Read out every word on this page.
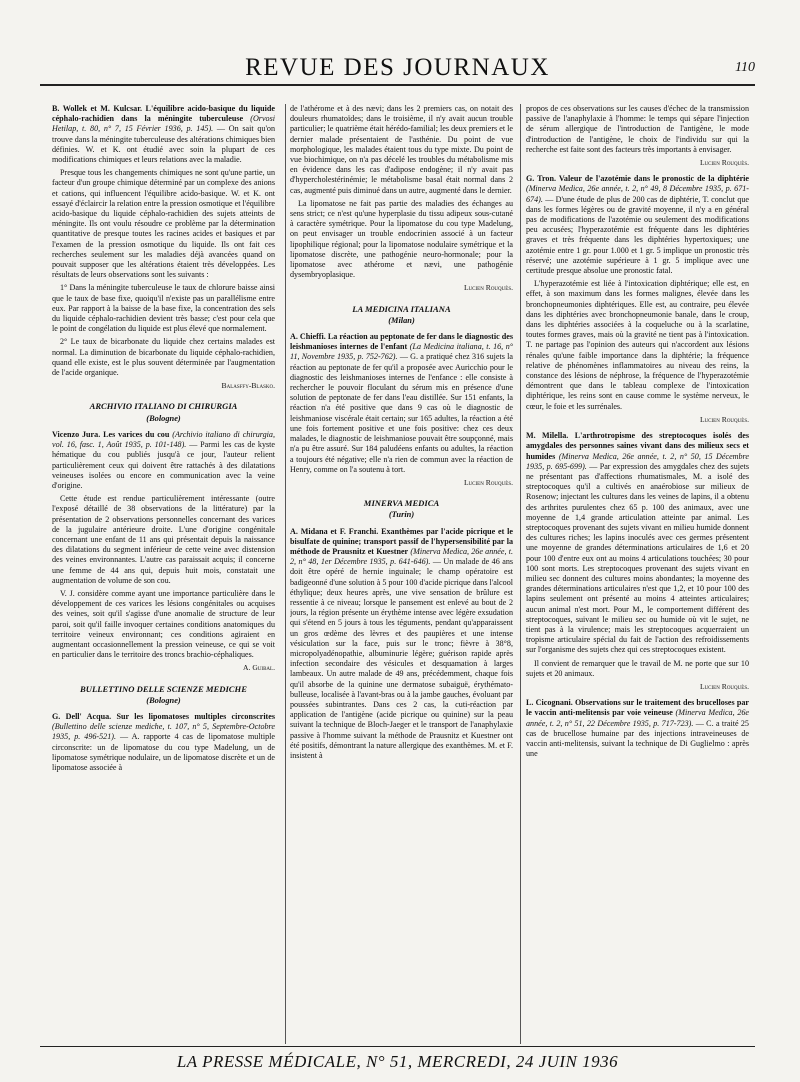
REVUE DES JOURNAUX	110

B. Wollek et M. Kulcsar. L'équilibre acido-basique du liquide céphalo-rachidien dans la méningite tuberculeuse (Orvosi Hetilap, t. 80, n° 7, 15 Février 1936, p. 145). — On sait qu'on trouve dans la méningite tuberculeuse des altérations chimiques bien définies. W. et K. ont étudié avec soin la plupart de ces modifications chimiques et leurs relations avec la maladie.

Presque tous les changements chimiques ne sont qu'une partie, un facteur d'un groupe chimique déterminé par un complexe des anions et cations, qui influencent l'équilibre acido-basique. W. et K. ont essayé d'éclaircir la relation entre la pression osmotique et l'équilibre acido-basique du liquide céphalo-rachidien des sujets atteints de méningite. Ils ont voulu résoudre ce problème par la détermination quantitative de presque toutes les racines acides et basiques et par l'examen de la pression osmotique du liquide. Ils ont fait ces recherches seulement sur les maladies déjà avancées quand on pouvait supposer que les altérations étaient très développées. Les résultats de leurs observations sont les suivants :

1° Dans la méningite tuberculeuse le taux de chlorure baisse ainsi que le taux de base fixe, quoiqu'il n'existe pas un parallélisme entre eux. Par rapport à la baisse de la base fixe, la concentration des sels du liquide céphalo-rachidien devient très basse; c'est pour cela que le point de congélation du liquide est plus élevé que normalement.

2° Le taux de bicarbonate du liquide chez certains malades est normal. La diminution de bicarbonate du liquide céphalo-rachidien, quand elle existe, est le plus souvent déterminée par l'augmentation de l'acide organique.

Balasffy-Blasko.
ARCHIVIO ITALIANO DI CHIRURGIA
(Bologne)

Vicenzo Jura. Les varices du cou (Archivio italiano di chirurgia, vol. 16, fasc. 1, Août 1935, p. 101-148). — Parmi les cas de kyste hématique du cou publiés jusqu'à ce jour, l'auteur relient particulièrement ceux qui doivent être rattachés à des dilatations veineuses isolées ou encore en communication avec la veine d'origine.

Cette étude est rendue particulièrement intéressante (outre l'exposé détaillé de 38 observations de la littérature) par la présentation de 2 observations personnelles concernant des varices de la jugulaire antérieure droite. L'une d'origine congénitale concernant une enfant de 11 ans qui présentait depuis la naissance des dilatations du segment inférieur de cette veine avec distension des veines environnantes. L'autre cas paraissait acquis; il concerne une femme de 44 ans qui, depuis huit mois, constatait une augmentation de volume de son cou.

V. J. considère comme ayant une importance particulière dans le développement de ces varices les lésions congénitales ou acquises des veines, soit qu'il s'agisse d'une anomalie de structure de leur paroi, soit qu'il faille invoquer certaines conditions anatomiques du territoire veineux environnant; ces conditions agiraient en augmentant occasionnellement la pression veineuse, ce qui se voit en particulier dans le territoire des troncs brachio-céphaliques.

A. Guibal.
BULLETTINO DELLE SCIENZE MEDICHE
(Bologne)

G. Dell' Acqua. Sur les lipomatoses multiples circonscrites (Bullettino delle scienze mediche, t. 107, n° 5, Septembre-Octobre 1935, p. 496-521). — A. rapporte 4 cas de lipomatose multiple circonscrite: un de lipomatose du cou type Madelung, un de lipomatose symétrique nodulaire, un de lipomatose discrète et un de lipomatose associée à

de l'athérome et à des nævi; dans les 2 premiers cas, on notait des douleurs rhumatoïdes; dans le troisième, il n'y avait aucun trouble particulier; le quatrième était hérédo-familial; les deux premiers et le dernier malade présentaient de l'asthénie. Du point de vue morphologique, les malades étaient tous du type mixte. Du point de vue biochimique, on n'a pas décelé les troubles du métabolisme mis en évidence dans les cas d'adipose endogène; il n'y avait pas d'hypercholestérinémie; le métabolisme basal était normal dans 2 cas, augmenté puis diminué dans un autre, augmenté dans le dernier.

La lipomatose ne fait pas partie des maladies des échanges au sens strict; ce n'est qu'une hyperplasie du tissu adipeux sous-cutané à caractère symétrique. Pour la lipomatose du cou type Madelung, on peut envisager un trouble endocrinien associé à un facteur lipophilique régional; pour la lipomatose nodulaire symétrique et la lipomatose discrète, une pathogénie neuro-hormonale; pour la lipomatose avec athérome et nævi, une pathogénie dysembryoplasique.

Lucien Rouquès.
LA MEDICINA ITALIANA
(Milan)

A. Chieffi. La réaction au peptonate de fer dans le diagnostic des leishmanioses internes de l'enfant (La Medicina italiana, t. 16, n° 11, Novembre 1935, p. 752-762). — G. a pratiqué chez 316 sujets la réaction au peptonate de fer qu'il a proposée avec Auricchio pour le diagnostic des leishmanioses internes de l'enfance : elle consiste à rechercher le pouvoir floculant du sérum mis en présence d'une solution de peptonate de fer dans l'eau distillée. Sur 151 enfants, la réaction n'a été positive que dans 9 cas où le diagnostic de leishmaniose viscérale était certain; sur 165 adultes, la réaction a été une fois fortement positive et une fois positive: chez ces deux malades, le diagnostic de leishmaniose pouvait être soupçonné, mais n'a pu être assuré. Sur 184 paludéens enfants ou adultes, la réaction a toujours été négative; elle n'a rien de commun avec la réaction de Henry, comme on l'a soutenu à tort.

Lucien Rouquès.
MINERVA MEDICA
(Turin)

A. Midana et F. Franchi. Exanthèmes par l'acide picrique et le bisulfate de quinine; transport passif de l'hypersensibilité par la méthode de Prausnitz et Kuestner (Minerva Medica, 26e année, t. 2, n° 48, 1er Décembre 1935, p. 641-646). — Un malade de 46 ans doit être opéré de hernie inguinale; le champ opératoire est badigeonné d'une solution à 5 pour 100 d'acide picrique dans l'alcool éthylique; deux heures après, une vive sensation de brûlure est ressentie à ce niveau; lorsque le pansement est enlevé au bout de 2 jours, la région présente un érythème intense avec légère exsudation qui s'étend en 5 jours à tous les téguments, pendant qu'apparaissent un gros œdème des lèvres et des paupières et une intense vésiculation sur la face, puis sur le tronc; fièvre à 38°8, micropolyadénopathie, albuminurie légère; guérison rapide après infection secondaire des vésicules et desquamation à larges lambeaux. Un autre malade de 49 ans, précédemment, chaque fois qu'il absorbe de la quinine une dermatose subaiguë, érythémato-bulleuse, localisée à l'avant-bras ou à la jambe gauches, évoluant par poussées subintrantes. Dans ces 2 cas, la cuti-réaction par application de l'antigène (acide picrique ou quinine) sur la peau suivant la technique de Bloch-Jaeger et le transport de l'anaphylaxie passive à l'homme suivant la méthode de Prausnitz et Kuestner ont été positifs, démontrant la nature allergique des exanthèmes. M. et F. insistent à

propos de ces observations sur les causes d'échec de la transmission passive de l'anaphylaxie à l'homme: le temps qui sépare l'injection de sérum allergique de l'introduction de l'antigène, le mode d'introduction de l'antigène, le choix de l'individu sur qui la recherche est faite sont des facteurs très importants à envisager.

Lucien Rouquès.

G. Tron. Valeur de l'azotémie dans le pronostic de la diphtérie (Minerva Medica, 26e année, t. 2, n° 49, 8 Décembre 1935, p. 671-674). — D'une étude de plus de 200 cas de diphtérie, T. conclut que dans les formes légères ou de gravité moyenne, il n'y a en général pas de modifications de l'azotémie ou seulement des modifications peu accusées; l'hyperazotémie est fréquente dans les diphtéries graves et très fréquente dans les diphtéries hypertoxiques; une azotémie entre 1 gr. pour 1.000 et 1 gr. 5 implique un pronostic très réservé; une azotémie supérieure à 1 gr. 5 implique avec une certitude presque absolue une pronostic fatal.

L'hyperazotémie est liée à l'intoxication diphtérique; elle est, en effet, à son maximum dans les formes malignes, élevée dans les bronchopneumonies diphtériques. Elle est, au contraire, peu élevée dans les diphtéries avec bronchopneumonie banale, dans le croup, dans les diphtéries associées à la coqueluche ou à la scarlatine, toutes formes graves, mais où la gravité ne tient pas à l'intoxication. T. ne partage pas l'opinion des auteurs qui n'accordent aux lésions rénales qu'une faible importance dans la diphtérie; la fréquence relative de phénomènes inflammatoires au niveau des reins, la constance des lésions de néphrose, la fréquence de l'hyperazotémie démontrent que dans le tableau complexe de l'intoxication diphtérique, les reins sont en cause comme le système nerveux, le cœur, le foie et les surrénales.

Lucien Rouquès.

M. Milella. L'arthrotropisme des streptocoques isolés des amygdales des personnes saines vivant dans des milieux secs et humides (Minerva Medica, 26e année, t. 2, n° 50, 15 Décembre 1935, p. 695-699). — Par expression des amygdales chez des sujets ne présentant pas d'affections rhumatismales, M. a isolé des streptocoques qu'il a cultivés en anaérobiose sur milieux de Rosenow; injectant les cultures dans les veines de lapins, il a obtenu des arthrites purulentes chez 65 p. 100 des animaux, avec une moyenne de 1,4 grande articulation atteinte par animal. Les streptocoques provenant des sujets vivant en milieu humide donnent des cultures riches; les lapins inoculés avec ces germes présentent une moyenne de grandes déterminations articulaires de 1,6 et 20 pour 100 d'entre eux ont au moins 4 articulations touchées; 30 pour 100 sont morts. Les streptocoques provenant des sujets vivant en milieu sec donnent des cultures moins abondantes; la moyenne des grandes déterminations articulaires n'est que 1,2, et 10 pour 100 des lapins seulement ont présenté au moins 4 atteintes articulaires; aucun animal n'est mort. Pour M., le comportement différent des streptocoques, suivant le milieu sec ou humide où vit le sujet, ne tient pas à la virulence; mais les streptocoques acquerraient un tropisme articulaire spécial du fait de l'action des refroidissements sur l'organisme des sujets chez qui ces streptocoques existent.

Il convient de remarquer que le travail de M. ne porte que sur 10 sujets et 20 animaux.

Lucien Rouquès.

L. Cicognani. Observations sur le traitement des brucelloses par le vaccin anti-melitensis par voie veineuse (Minerva Medica, 26e année, t. 2, n° 51, 22 Décembre 1935, p. 717-723). — C. a traité 25 cas de brucellose humaine par des injections intraveineuses de vaccin anti-melitensis, suivant la technique de Di Guglielmo : après une

LA PRESSE MÉDICALE, N° 51, MERCREDI, 24 JUIN 1936
